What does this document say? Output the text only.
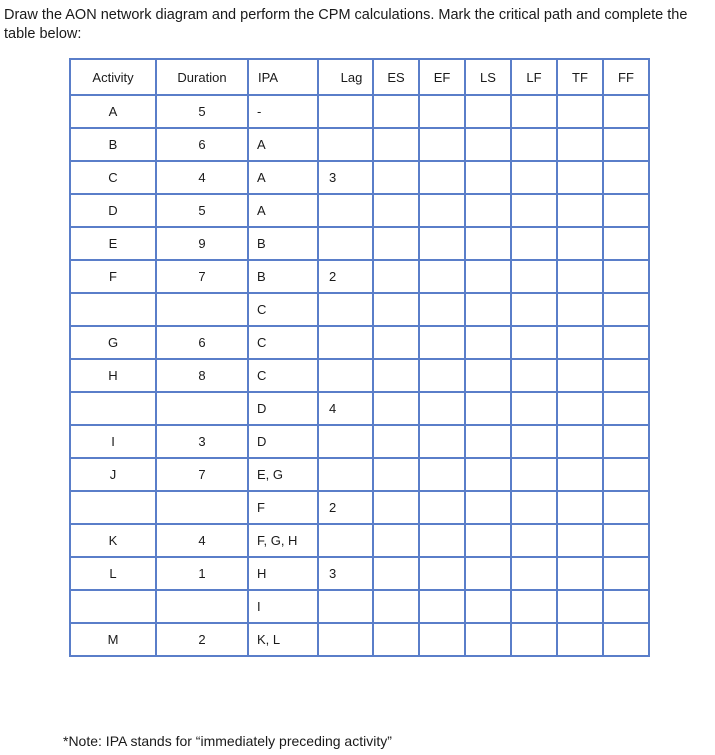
Draw the AON network diagram and perform the CPM calculations. Mark the critical path and complete the table below:

Activity	Duration	IPA	Lag	ES	EF	LS	LF	TF	FF
A	5	-							
B	6	A							
C	4	A	3						
D	5	A							
E	9	B							
F	7	B	2						
		C							
G	6	C							
H	8	C							
		D	4						
I	3	D							
J	7	E, G							
		F	2						
K	4	F, G, H							
L	1	H	3						
		I							
M	2	K, L							

*Note: IPA stands for “immediately preceding activity”
